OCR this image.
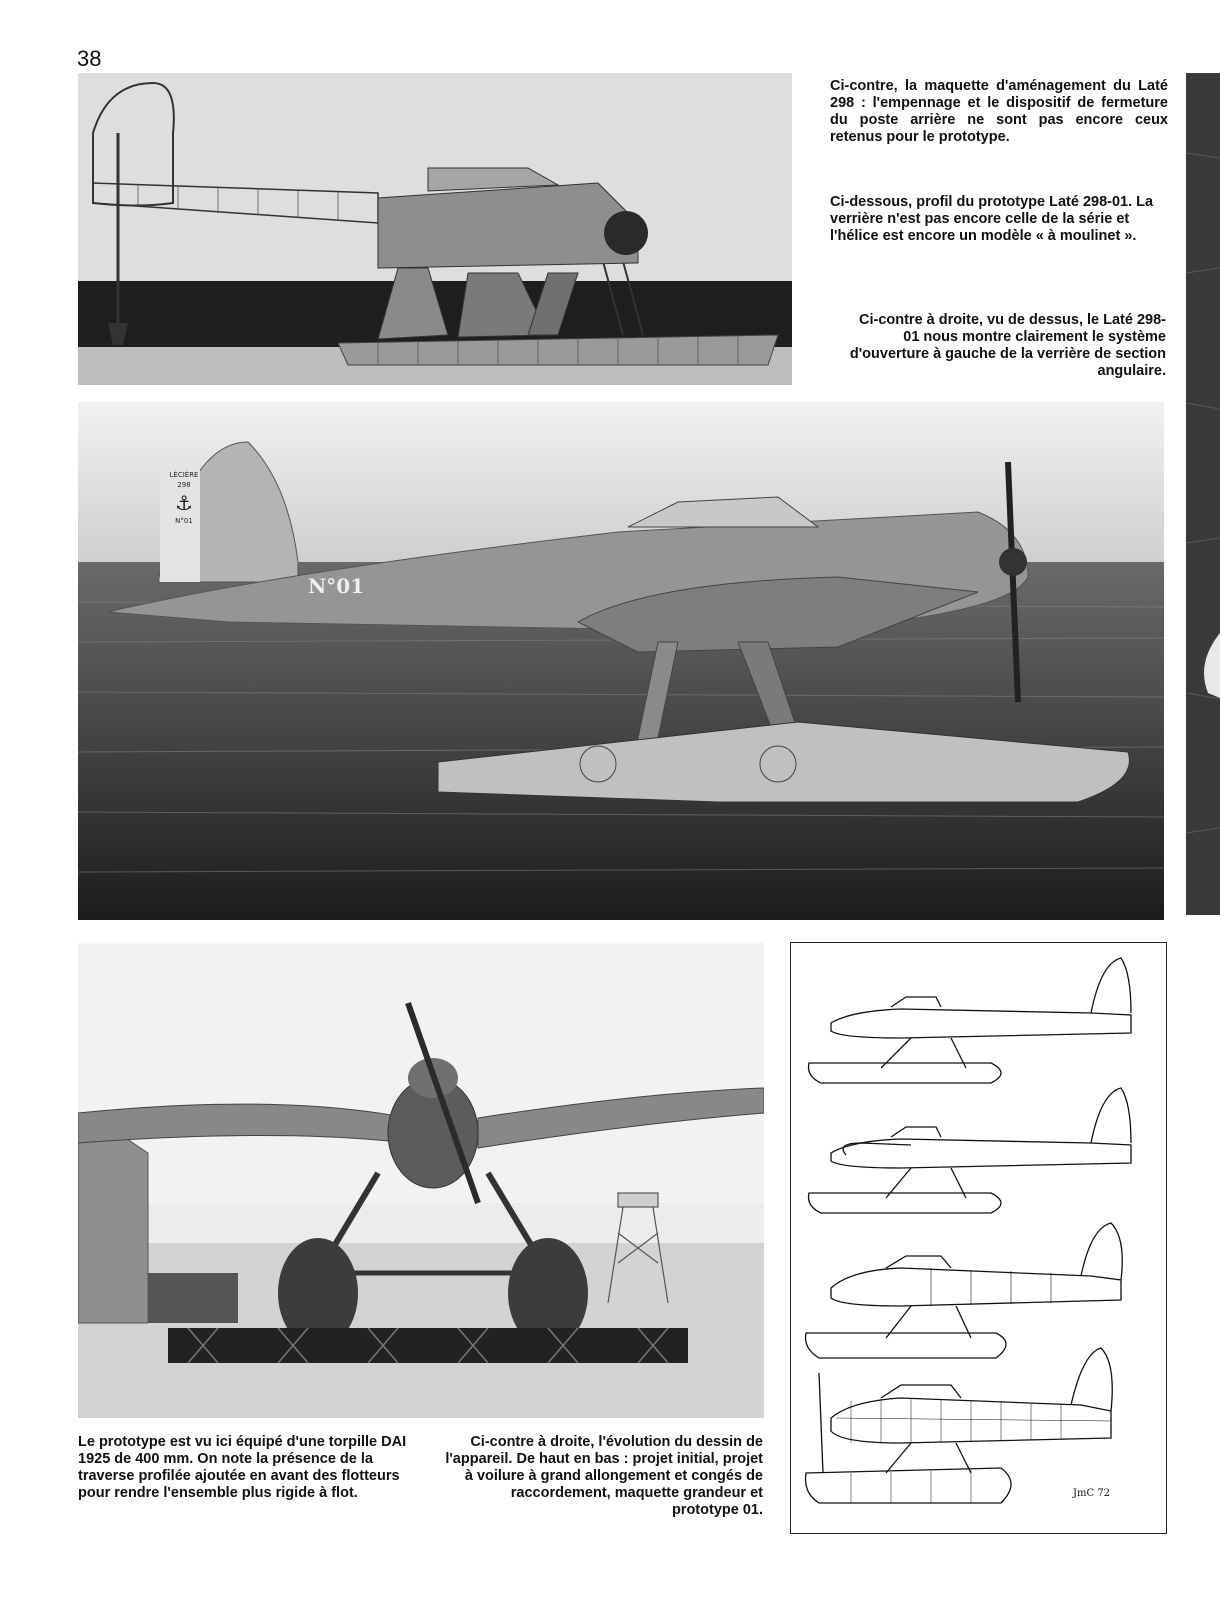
38
LÉCIÈRE
298
⚓
N°01
N°01
JmC 72
Ci-contre, la maquette d'aménagement du Laté 298 : l'empennage et le dispositif de fermeture du poste arrière ne sont pas encore ceux retenus pour le prototype.
Ci-dessous, profil du prototype Laté 298-01. La verrière n'est pas encore celle de la série et l'hélice est encore un modèle « à moulinet ».
Ci-contre à droite, vu de dessus, le Laté 298-01 nous montre clairement le système d'ouverture à gauche de la verrière de section angulaire.
Le prototype est vu ici équipé d'une torpille DAI 1925 de 400 mm. On note la présence de la traverse profilée ajoutée en avant des flotteurs pour rendre l'ensemble plus rigide à flot.
Ci-contre à droite, l'évolution du dessin de l'appareil. De haut en bas : projet initial, projet à voilure à grand allongement et congés de raccordement, maquette grandeur et prototype 01.
